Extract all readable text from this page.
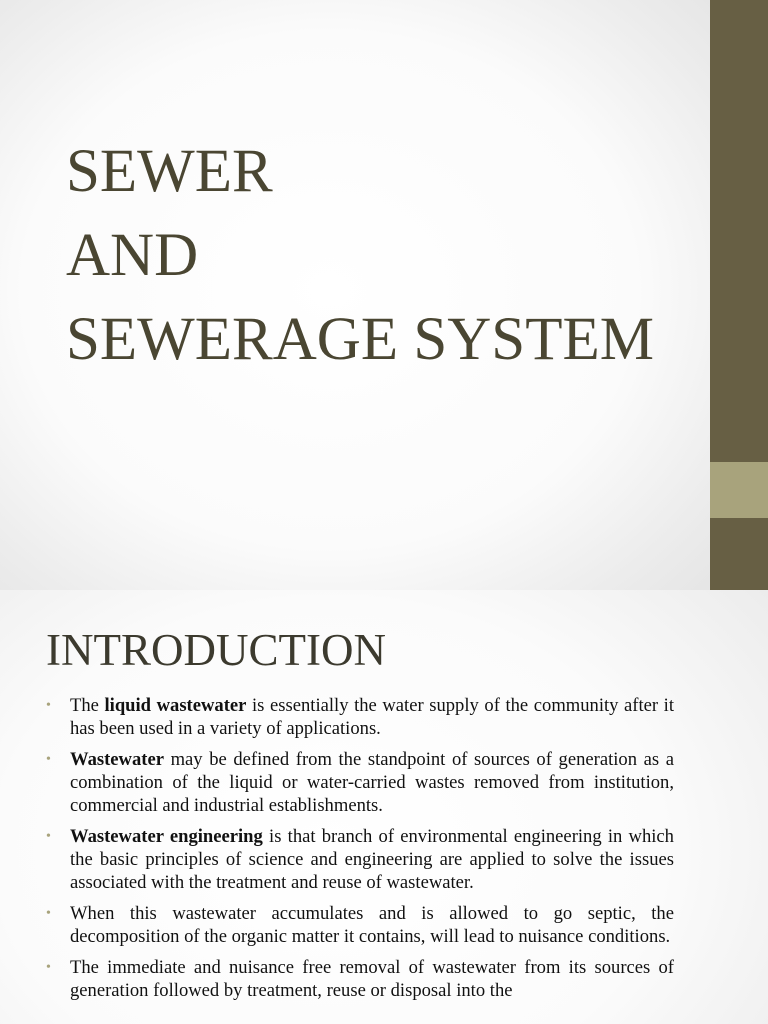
SEWER
AND
SEWERAGE SYSTEM
INTRODUCTION
• The liquid wastewater is essentially the water supply of the community after it has been used in a variety of applications.
• Wastewater may be defined from the standpoint of sources of generation as a combination of the liquid or water-carried wastes removed from institution, commercial and industrial establishments.
• Wastewater engineering is that branch of environmental engineering in which the basic principles of science and engineering are applied to solve the issues associated with the treatment and reuse of wastewater.
• When this wastewater accumulates and is allowed to go septic, the decomposition of the organic matter it contains, will lead to nuisance conditions.
• The immediate and nuisance free removal of wastewater from its sources of generation followed by treatment, reuse or disposal into the
